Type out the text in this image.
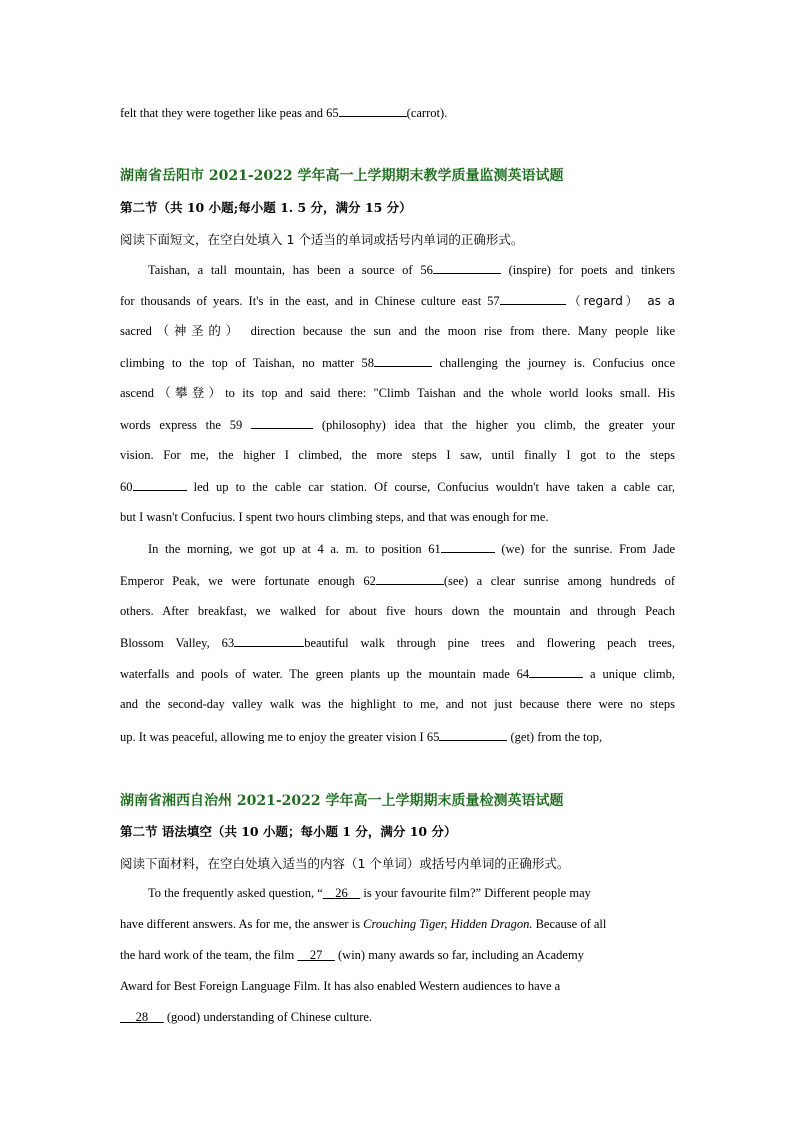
felt that they were together like peas and 65	(carrot).
湖南省岳阳市 2021-2022 学年高一上学期期末教学质量监测英语试题
第二节（共 10 小题;每小题 1. 5 分，满分 15 分）
阅读下面短文，在空白处填入 1 个适当的单词或括号内单词的正确形式。
Taishan, a tall mountain, has been a source of 56	(inspire) for poets and tinkers
for thousands of years. It's in the east, and in Chinese culture east 57	（regard） as a
sacred（神圣的） direction because the sun and the moon rise from there. Many people like
climbing to the top of Taishan, no matter 58	challenging the journey is. Confucius once
ascend（攀登）to its top and said there: "Climb Taishan and the whole world looks small. His
words express the 59	(philosophy) idea that the higher you climb, the greater your
vision. For me, the higher I climbed, the more steps I saw, until finally I got to the steps
60	led up to the cable car station. Of course, Confucius wouldn't have taken a cable car,
but I wasn't Confucius. I spent two hours climbing steps, and that was enough for me.
In the morning, we got up at 4 a. m. to position 61	(we) for the sunrise. From Jade
Emperor Peak, we were fortunate enough 62	(see) a clear sunrise among hundreds of
others. After breakfast, we walked for about five hours down the mountain and through Peach
Blossom Valley, 63	beautiful walk through pine trees and flowering peach trees,
waterfalls and pools of water. The green plants up the mountain made 64	a unique climb,
and the second-day valley walk was the highlight to me, and not just because there were no steps
up. It was peaceful, allowing me to enjoy the greater vision I 65	(get) from the top,
湖南省湘西自治州 2021-2022 学年高一上学期期末质量检测英语试题
第二节 语法填空（共 10 小题；每小题 1 分，满分 10 分）
阅读下面材料，在空白处填入适当的内容（1 个单词）或括号内单词的正确形式。
To the frequently asked question, “ 26     is your favourite film?” Different people may
have different answers. As for me, the answer is Crouching Tiger, Hidden Dragon. Because of all
the hard work of the team, the film     27     (win) many awards so far, including an Academy
Award for Best Foreign Language Film. It has also enabled Western audiences to have a
28      (good) understanding of Chinese culture.
